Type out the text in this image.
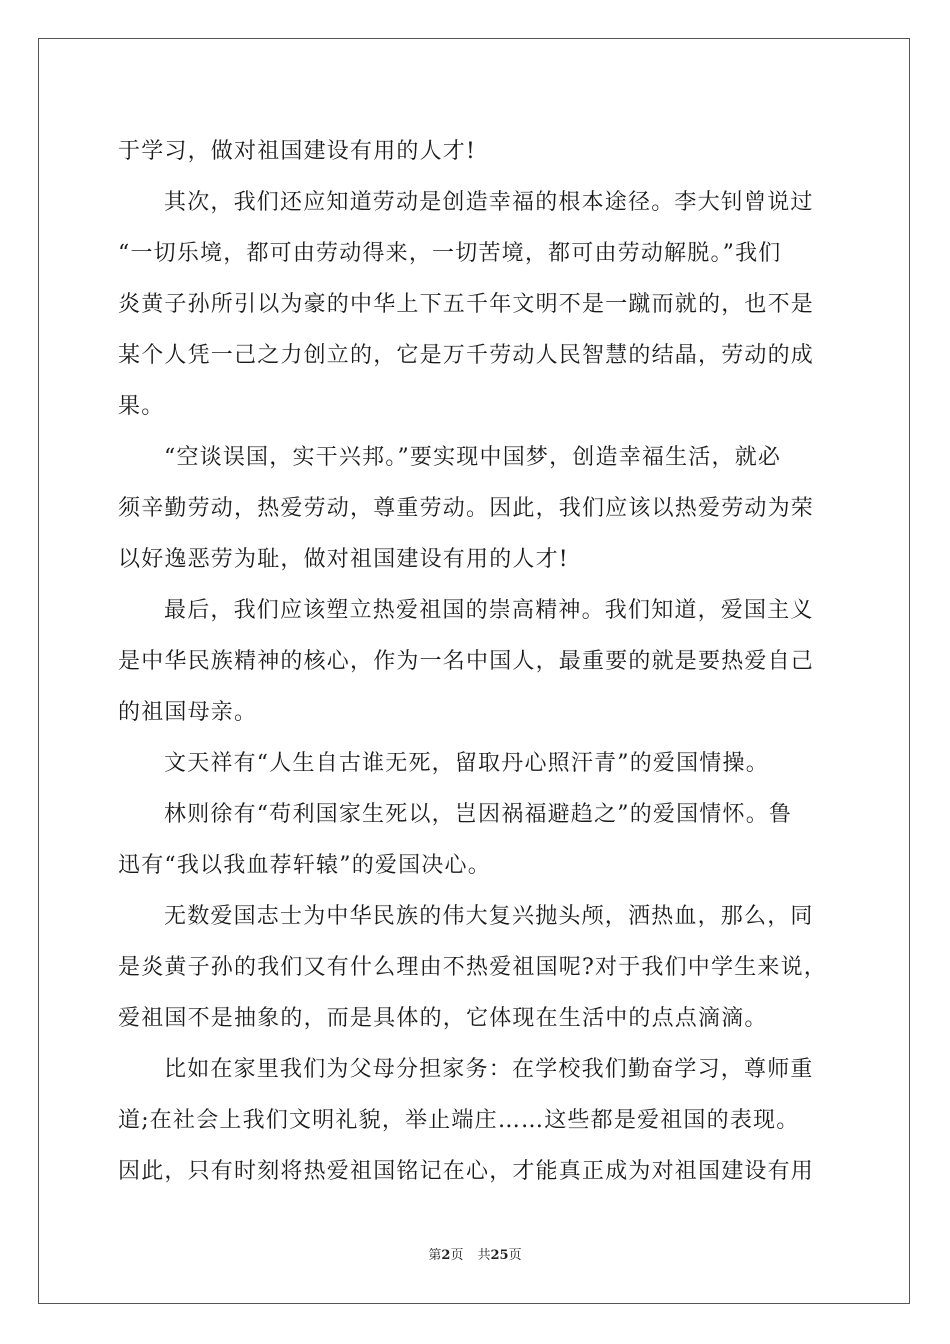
于学习，做对祖国建设有用的人才!
其次，我们还应知道劳动是创造幸福的根本途径。李大钊曾说过
“一切乐境，都可由劳动得来，一切苦境，都可由劳动解脱。”我们
炎黄子孙所引以为豪的中华上下五千年文明不是一蹴而就的，也不是
某个人凭一己之力创立的，它是万千劳动人民智慧的结晶，劳动的成
果。
“空谈误国，实干兴邦。”要实现中国梦，创造幸福生活，就必
须辛勤劳动，热爱劳动，尊重劳动。因此，我们应该以热爱劳动为荣
以好逸恶劳为耻，做对祖国建设有用的人才!
最后，我们应该塑立热爱祖国的崇高精神。我们知道，爱国主义
是中华民族精神的核心，作为一名中国人，最重要的就是要热爱自己
的祖国母亲。
文天祥有“人生自古谁无死，留取丹心照汗青”的爱国情操。
林则徐有“苟利国家生死以，岂因祸福避趋之”的爱国情怀。鲁
迅有“我以我血荐轩辕”的爱国决心。
无数爱国志士为中华民族的伟大复兴抛头颅，洒热血，那么，同
是炎黄子孙的我们又有什么理由不热爱祖国呢?对于我们中学生来说，
爱祖国不是抽象的，而是具体的，它体现在生活中的点点滴滴。
比如在家里我们为父母分担家务：在学校我们勤奋学习，尊师重
道;在社会上我们文明礼貌，举止端庄……这些都是爱祖国的表现。
因此，只有时刻将热爱祖国铭记在心，才能真正成为对祖国建设有用
第2页 共25页
